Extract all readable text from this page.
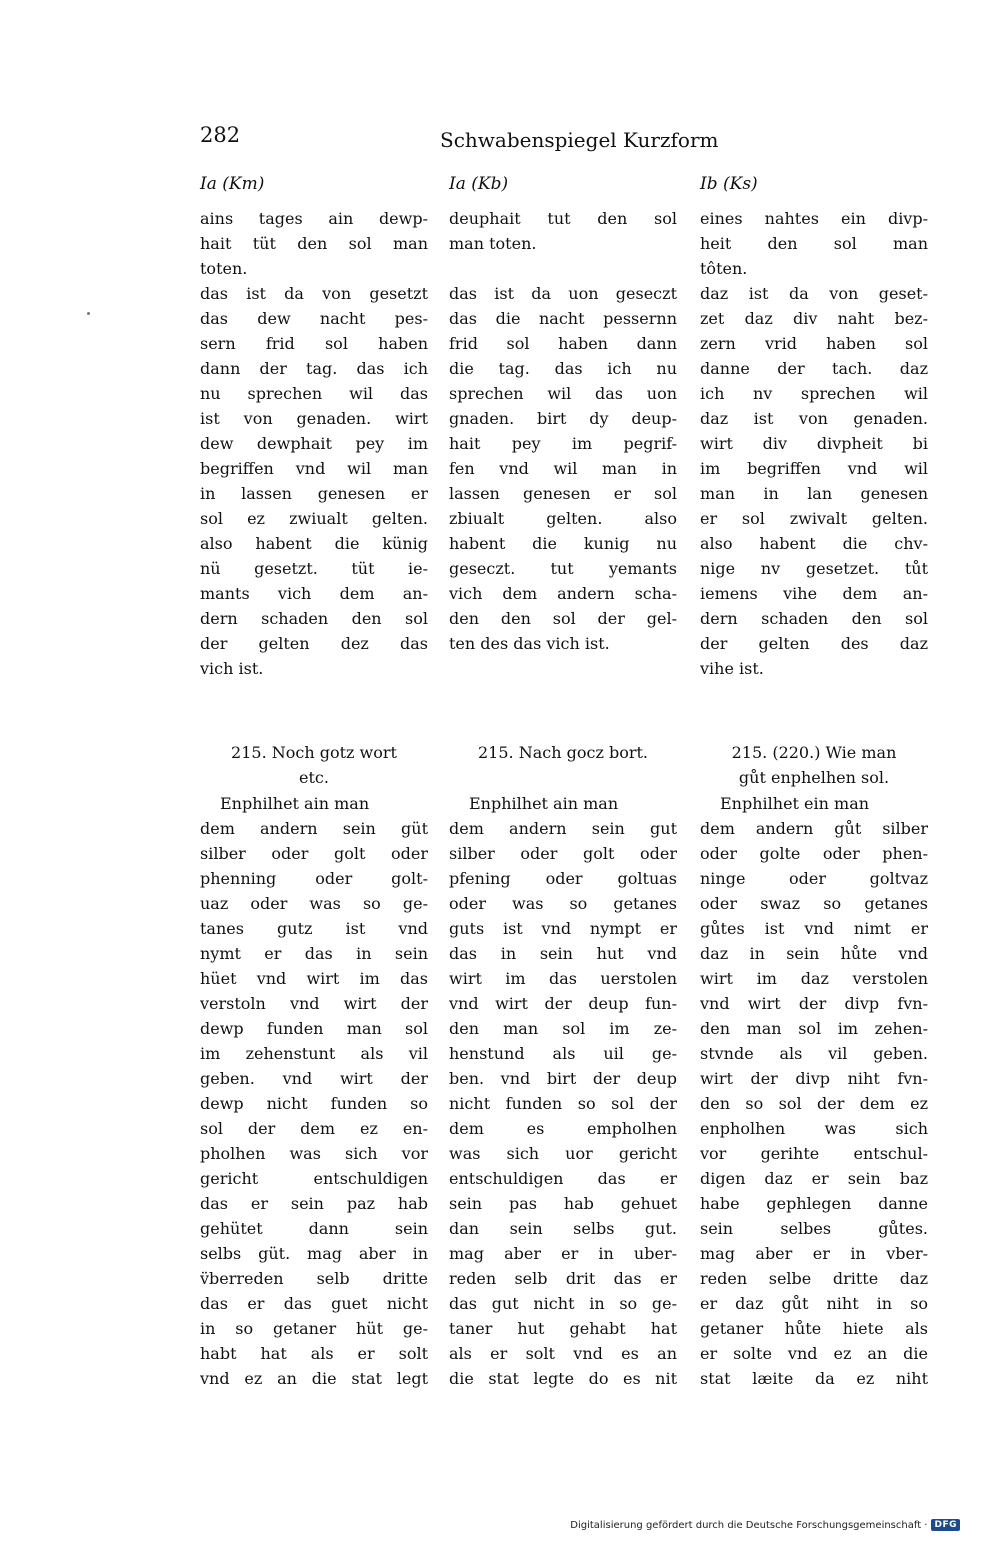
282	Schwabenspiegel Kurzform
Ia (Km)
ains tages ain dewp-
hait tüt den sol man
toten.
das ist da von gesetzt
das dew nacht pes-
sern frid sol haben
dann der tag. das ich
nu sprechen wil das
ist von genaden. wirt
dew dewphait pey im
begriffen vnd wil man
in lassen genesen er
sol ez zwiualt gelten.
also habent die künig
nü gesetzt. tüt ie-
mants vich dem an-
dern schaden den sol
der gelten dez das
vich ist.
215. Noch gotz wort
etc.
Enphilhet ain man
dem andern sein güt
silber oder golt oder
phenning oder golt-
uaz oder was so ge-
tanes gutz ist vnd
nymt er das in sein
hüet vnd wirt im das
verstoln vnd wirt der
dewp funden man sol
im zehenstunt als vil
geben. vnd wirt der
dewp nicht funden so
sol der dem ez en-
pholhen was sich vor
gericht entschuldigen
das er sein paz hab
gehütet dann sein
selbs güt. mag aber in
v̈berreden selb dritte
das er das guet nicht
in so getaner hüt ge-
habt hat als er solt
vnd ez an die stat legt
Ia (Kb)
deuphait tut den sol
man toten.
das ist da uon geseczt
das die nacht pessernn
frid sol haben dann
die tag. das ich nu
sprechen wil das uon
gnaden. birt dy deup-
hait pey im pegrif-
fen vnd wil man in
lassen genesen er sol
zbiualt gelten. also
habent die kunig nu
geseczt. tut yemants
vich dem andern scha-
den den sol der gel-
ten des das vich ist.
215. Nach gocz bort.
Enphilhet ain man
dem andern sein gut
silber oder golt oder
pfening oder goltuas
oder was so getanes
guts ist vnd nympt er
das in sein hut vnd
wirt im das uerstolen
vnd wirt der deup fun-
den man sol im ze-
henstund als uil ge-
ben. vnd birt der deup
nicht funden so sol der
dem es empholhen
was sich uor gericht
entschuldigen das er
sein pas hab gehuet
dan sein selbs gut.
mag aber er in uber-
reden selb drit das er
das gut nicht in so ge-
taner hut gehabt hat
als er solt vnd es an
die stat legte do es nit
Ib (Ks)
eines nahtes ein divp-
heit den sol man
tôten.
daz ist da von geset-
zet daz div naht bez-
zern vrid haben sol
danne der tach. daz
ich nv sprechen wil
daz ist von genaden.
wirt div divpheit bi
im begriffen vnd wil
man in lan genesen
er sol zwivalt gelten.
also habent die chv-
nige nv gesetzet. tůt
iemens vihe dem an-
dern schaden den sol
der gelten des daz
vihe ist.
215. (220.) Wie man
gůt enphelhen sol.
Enphilhet ein man
dem andern gůt silber
oder golte oder phen-
ninge oder goltvaz
oder swaz so getanes
gůtes ist vnd nimt er
daz in sein hůte vnd
wirt im daz verstolen
vnd wirt der divp fvn-
den man sol im zehen-
stvnde als vil geben.
wirt der divp niht fvn-
den so sol der dem ez
enpholhen was sich
vor gerihte entschul-
digen daz er sein baz
habe gephlegen danne
sein selbes gůtes.
mag aber er in vber-
reden selbe dritte daz
er daz gůt niht in so
getaner hůte hiete als
er solte vnd ez an die
stat læite da ez niht
Digitalisierung gefördert durch die Deutsche Forschungsgemeinschaft · DFG
